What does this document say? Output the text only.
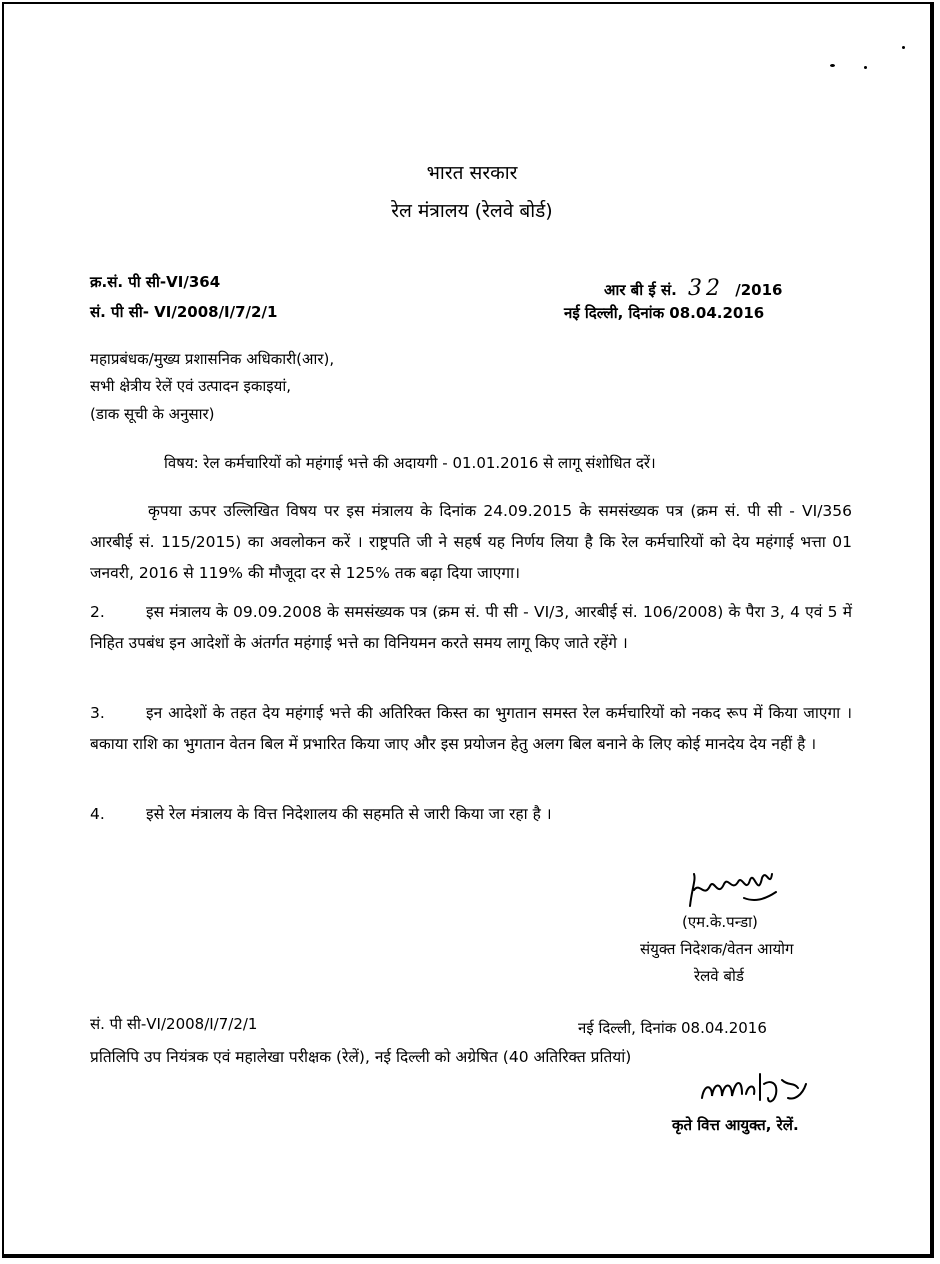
भारत सरकार
रेल मंत्रालय (रेलवे बोर्ड)
क्र.सं. पी सी-VI/364
सं. पी सी- VI/2008/I/7/2/1
आर बी ई सं. 32 /2016
नई दिल्ली, दिनांक 08.04.2016
महाप्रबंधक/मुख्य प्रशासनिक अधिकारी(आर),
सभी क्षेत्रीय रेलें एवं उत्पादन इकाइयां,
(डाक सूची के अनुसार)
विषय: रेल कर्मचारियों को महंगाई भत्ते की अदायगी - 01.01.2016 से लागू संशोधित दरें।
कृपया ऊपर उल्लिखित विषय पर इस मंत्रालय के दिनांक 24.09.2015 के समसंख्यक पत्र (क्रम सं. पी सी - VI/356 आरबीई सं. 115/2015) का अवलोकन करें । राष्ट्रपति जी ने सहर्ष यह निर्णय लिया है कि रेल कर्मचारियों को देय महंगाई भत्ता 01 जनवरी, 2016 से 119% की मौजूदा दर से 125% तक बढ़ा दिया जाएगा।
2.	इस मंत्रालय के 09.09.2008 के समसंख्यक पत्र (क्रम सं. पी सी - VI/3, आरबीई सं. 106/2008) के पैरा 3, 4 एवं 5 में निहित उपबंध इन आदेशों के अंतर्गत महंगाई भत्ते का विनियमन करते समय लागू किए जाते रहेंगे ।
3.	इन आदेशों के तहत देय महंगाई भत्ते की अतिरिक्त किस्त का भुगतान समस्त रेल कर्मचारियों को नकद रूप में किया जाएगा । बकाया राशि का भुगतान वेतन बिल में प्रभारित किया जाए और इस प्रयोजन हेतु अलग बिल बनाने के लिए कोई मानदेय देय नहीं है ।
4.	इसे रेल मंत्रालय के वित्त निदेशालय की सहमति से जारी किया जा रहा है ।
(एम.के.पन्डा)
संयुक्त निदेशक/वेतन आयोग
रेलवे बोर्ड
सं. पी सी-VI/2008/I/7/2/1	नई दिल्ली, दिनांक 08.04.2016
प्रतिलिपि उप नियंत्रक एवं महालेखा परीक्षक (रेलें), नई दिल्ली को अग्रेषित (40 अतिरिक्त प्रतियां)
कृते वित्त आयुक्त, रेलें.
